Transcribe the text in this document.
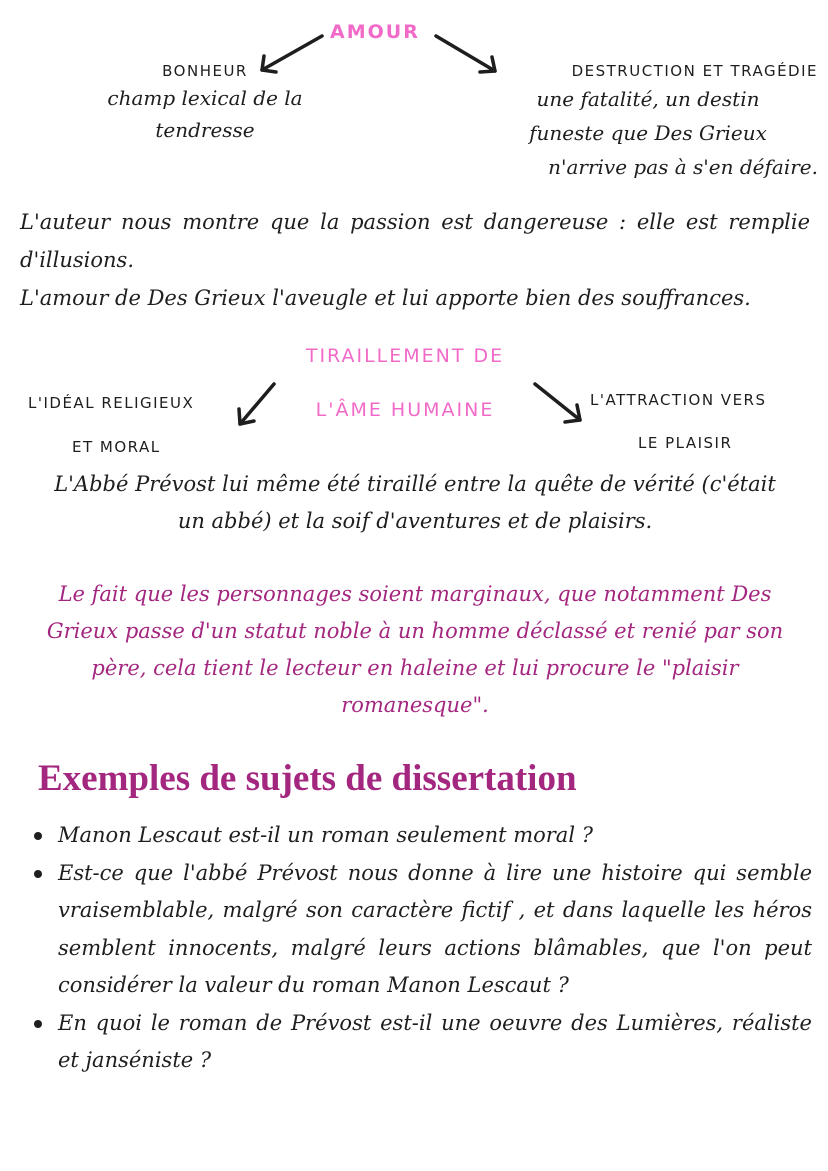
AMOUR
BONHEUR
champ lexical de la
tendresse
DESTRUCTION ET TRAGÉDIE
une fatalité, un destin
funeste que Des Grieux
n'arrive pas à s'en défaire.
L'auteur nous montre que la passion est dangereuse : elle est remplie d'illusions.
L'amour de Des Grieux l'aveugle et lui apporte bien des souffrances.
TIRAILLEMENT DE
L'ÂME HUMAINE
L'IDÉAL RELIGIEUX
ET MORAL
L'ATTRACTION VERS
LE PLAISIR
L'Abbé Prévost lui même été tiraillé entre la quête de vérité (c'était un abbé) et la soif d'aventures et de plaisirs.
Le fait que les personnages soient marginaux, que notamment Des Grieux passe d'un statut noble à un homme déclassé et renié par son père, cela tient le lecteur en haleine et lui procure le "plaisir romanesque".
Exemples de sujets de dissertation
Manon Lescaut est-il un roman seulement moral ?
Est-ce que l'abbé Prévost nous donne à lire une histoire qui semble vraisemblable, malgré son caractère fictif , et dans laquelle les héros semblent innocents, malgré leurs actions blâmables, que l'on peut considérer la valeur du roman Manon Lescaut ?
En quoi le roman de Prévost est-il une oeuvre des Lumières, réaliste et janséniste ?
